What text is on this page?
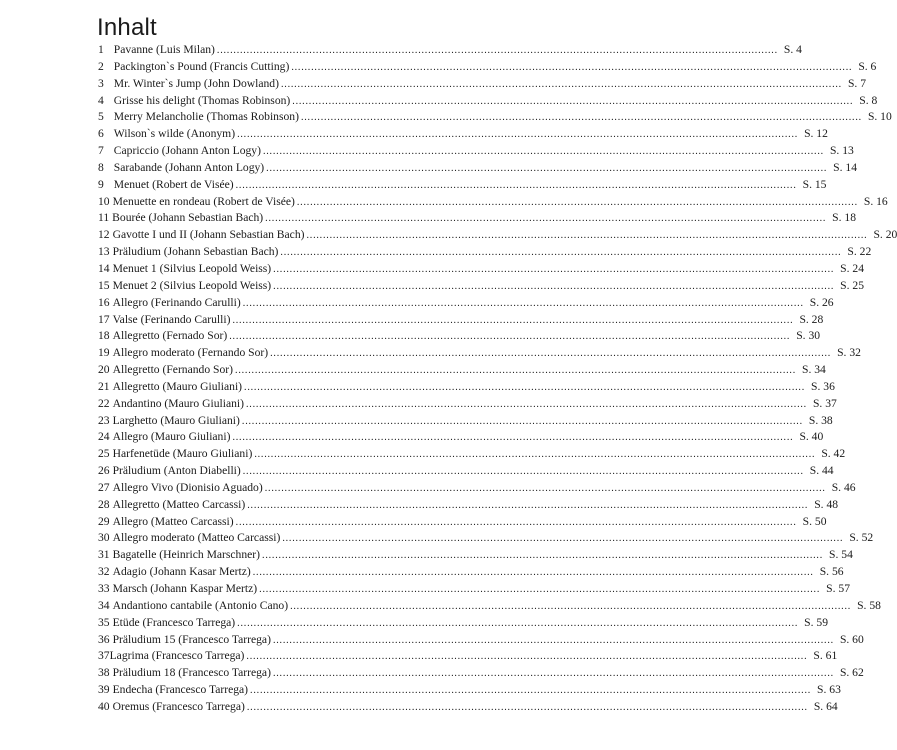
Inhalt
1 Pavanne (Luis Milan) .......................................................................................................................................................................... S. 4
2 Packington`s Pound (Francis Cutting) .......................................................................................................................................................................... S. 6
3 Mr. Winter`s Jump (John Dowland) .......................................................................................................................................................................... S. 7
4 Grisse his delight (Thomas Robinson) .......................................................................................................................................................................... S. 8
5 Merry Melancholie (Thomas Robinson) .......................................................................................................................................................................... S. 10
6 Wilson`s wilde (Anonym) .......................................................................................................................................................................... S. 12
7 Capriccio (Johann Anton Logy) .......................................................................................................................................................................... S. 13
8 Sarabande (Johann Anton Logy) .......................................................................................................................................................................... S. 14
9 Menuet (Robert de Visée) .......................................................................................................................................................................... S. 15
10 Menuette en rondeau (Robert de Visée) .......................................................................................................................................................................... S. 16
11 Bourée (Johann Sebastian Bach) .......................................................................................................................................................................... S. 18
12 Gavotte I und II (Johann Sebastian Bach) .......................................................................................................................................................................... S. 20
13 Präludium (Johann Sebastian Bach) .......................................................................................................................................................................... S. 22
14 Menuet 1 (Silvius Leopold Weiss) .......................................................................................................................................................................... S. 24
15 Menuet 2 (Silvius Leopold Weiss) .......................................................................................................................................................................... S. 25
16 Allegro (Ferinando Carulli) .......................................................................................................................................................................... S. 26
17 Valse (Ferinando Carulli) .......................................................................................................................................................................... S. 28
18 Allegretto (Fernado Sor) .......................................................................................................................................................................... S. 30
19 Allegro moderato (Fernando Sor) .......................................................................................................................................................................... S. 32
20 Allegretto (Fernando Sor) .......................................................................................................................................................................... S. 34
21 Allegretto (Mauro Giuliani) .......................................................................................................................................................................... S. 36
22 Andantino (Mauro Giuliani) .......................................................................................................................................................................... S. 37
23 Larghetto (Mauro Giuliani) .......................................................................................................................................................................... S. 38
24 Allegro (Mauro Giuliani) .......................................................................................................................................................................... S. 40
25 Harfenetüde (Mauro Giuliani) .......................................................................................................................................................................... S. 42
26 Präludium (Anton Diabelli) .......................................................................................................................................................................... S. 44
27 Allegro Vivo (Dionisio Aguado) .......................................................................................................................................................................... S. 46
28 Allegretto (Matteo Carcassi) .......................................................................................................................................................................... S. 48
29 Allegro (Matteo Carcassi) .......................................................................................................................................................................... S. 50
30 Allegro moderato (Matteo Carcassi) .......................................................................................................................................................................... S. 52
31 Bagatelle (Heinrich Marschner) .......................................................................................................................................................................... S. 54
32 Adagio (Johann Kasar Mertz) .......................................................................................................................................................................... S. 56
33 Marsch (Johann Kaspar Mertz) .......................................................................................................................................................................... S. 57
34 Andantiono cantabile (Antonio Cano) .......................................................................................................................................................................... S. 58
35 Etüde (Francesco Tarrega) .......................................................................................................................................................................... S. 59
36 Präludium 15 (Francesco Tarrega) .......................................................................................................................................................................... S. 60
37 Lagrima (Francesco Tarrega) .......................................................................................................................................................................... S. 61
38 Präludium 18 (Francesco Tarrega) .......................................................................................................................................................................... S. 62
39 Endecha (Francesco Tarrega) .......................................................................................................................................................................... S. 63
40 Oremus (Francesco Tarrega) .......................................................................................................................................................................... S. 64
